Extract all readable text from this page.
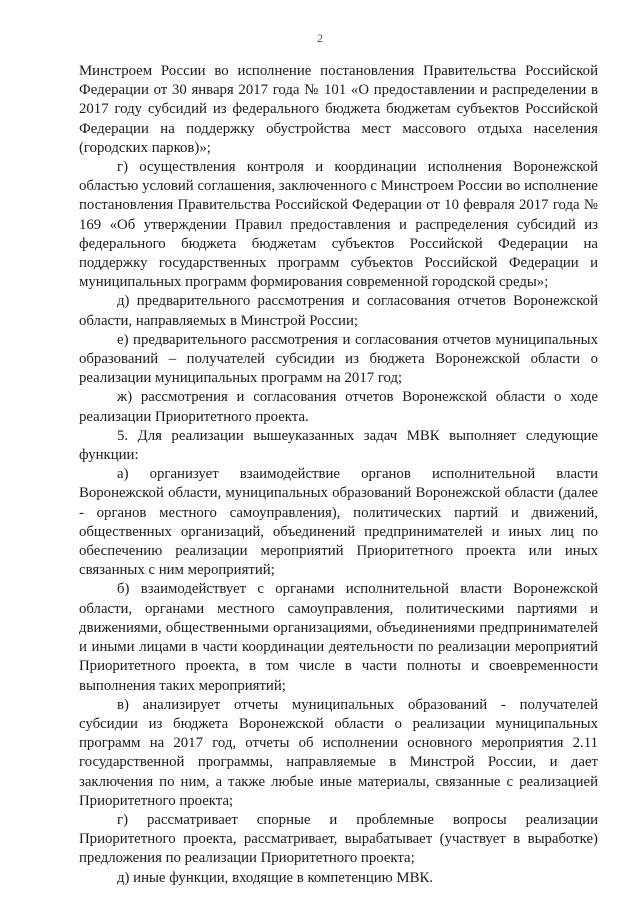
2

Минстроем России во исполнение постановления Правительства Российской Федерации от 30 января 2017 года № 101 «О предоставлении и распределении в 2017 году субсидий из федерального бюджета бюджетам субъектов Российской Федерации на поддержку обустройства мест массового отдыха населения (городских парков)»;

г) осуществления контроля и координации исполнения Воронежской областью условий соглашения, заключенного с Минстроем России во исполнение постановления Правительства Российской Федерации от 10 февраля 2017 года № 169 «Об утверждении Правил предоставления и распределения субсидий из федерального бюджета бюджетам субъектов Российской Федерации на поддержку государственных программ субъектов Российской Федерации и муниципальных программ формирования современной городской среды»;

д) предварительного рассмотрения и согласования отчетов Воронежской области, направляемых в Минстрой России;

е) предварительного рассмотрения и согласования отчетов муниципальных образований – получателей субсидии из бюджета Воронежской области о реализации муниципальных программ на 2017 год;

ж) рассмотрения и согласования отчетов Воронежской области о ходе реализации Приоритетного проекта.

5. Для реализации вышеуказанных задач МВК выполняет следующие функции:

а) организует взаимодействие органов исполнительной власти Воронежской области, муниципальных образований Воронежской области (далее - органов местного самоуправления), политических партий и движений, общественных организаций, объединений предпринимателей и иных лиц по обеспечению реализации мероприятий Приоритетного проекта или иных связанных с ним мероприятий;

б) взаимодействует с органами исполнительной власти Воронежской области, органами местного самоуправления, политическими партиями и движениями, общественными организациями, объединениями предпринимателей и иными лицами в части координации деятельности по реализации мероприятий Приоритетного проекта, в том числе в части полноты и своевременности выполнения таких мероприятий;

в) анализирует отчеты муниципальных образований - получателей субсидии из бюджета Воронежской области о реализации муниципальных программ на 2017 год, отчеты об исполнении основного мероприятия 2.11 государственной программы, направляемые в Минстрой России, и дает заключения по ним, а также любые иные материалы, связанные с реализацией Приоритетного проекта;

г) рассматривает спорные и проблемные вопросы реализации Приоритетного проекта, рассматривает, вырабатывает (участвует в выработке) предложения по реализации Приоритетного проекта;

д) иные функции, входящие в компетенцию МВК.
